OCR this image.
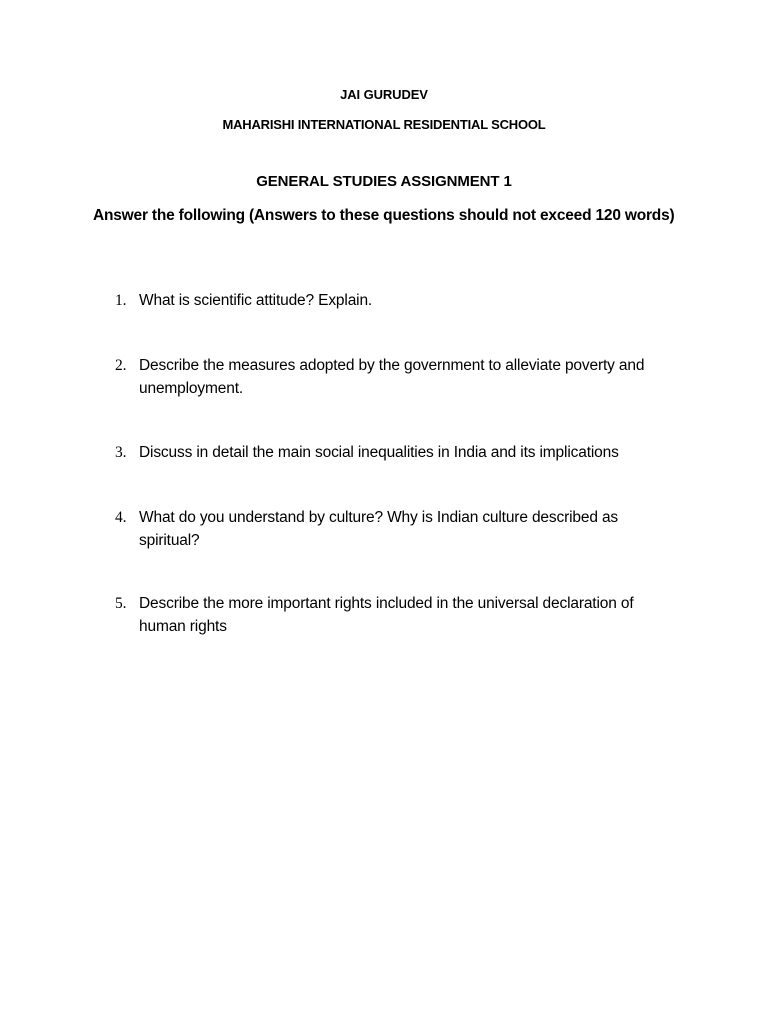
JAI GURUDEV
MAHARISHI INTERNATIONAL RESIDENTIAL SCHOOL
GENERAL STUDIES ASSIGNMENT 1
Answer the following (Answers to these questions should not exceed 120 words)
1. What is scientific attitude? Explain.
2. Describe the measures adopted by the government to alleviate poverty and unemployment.
3. Discuss in detail the main social inequalities in India and its implications
4. What do you understand by culture? Why is Indian culture described as spiritual?
5. Describe the more important rights included in the universal declaration of human rights
